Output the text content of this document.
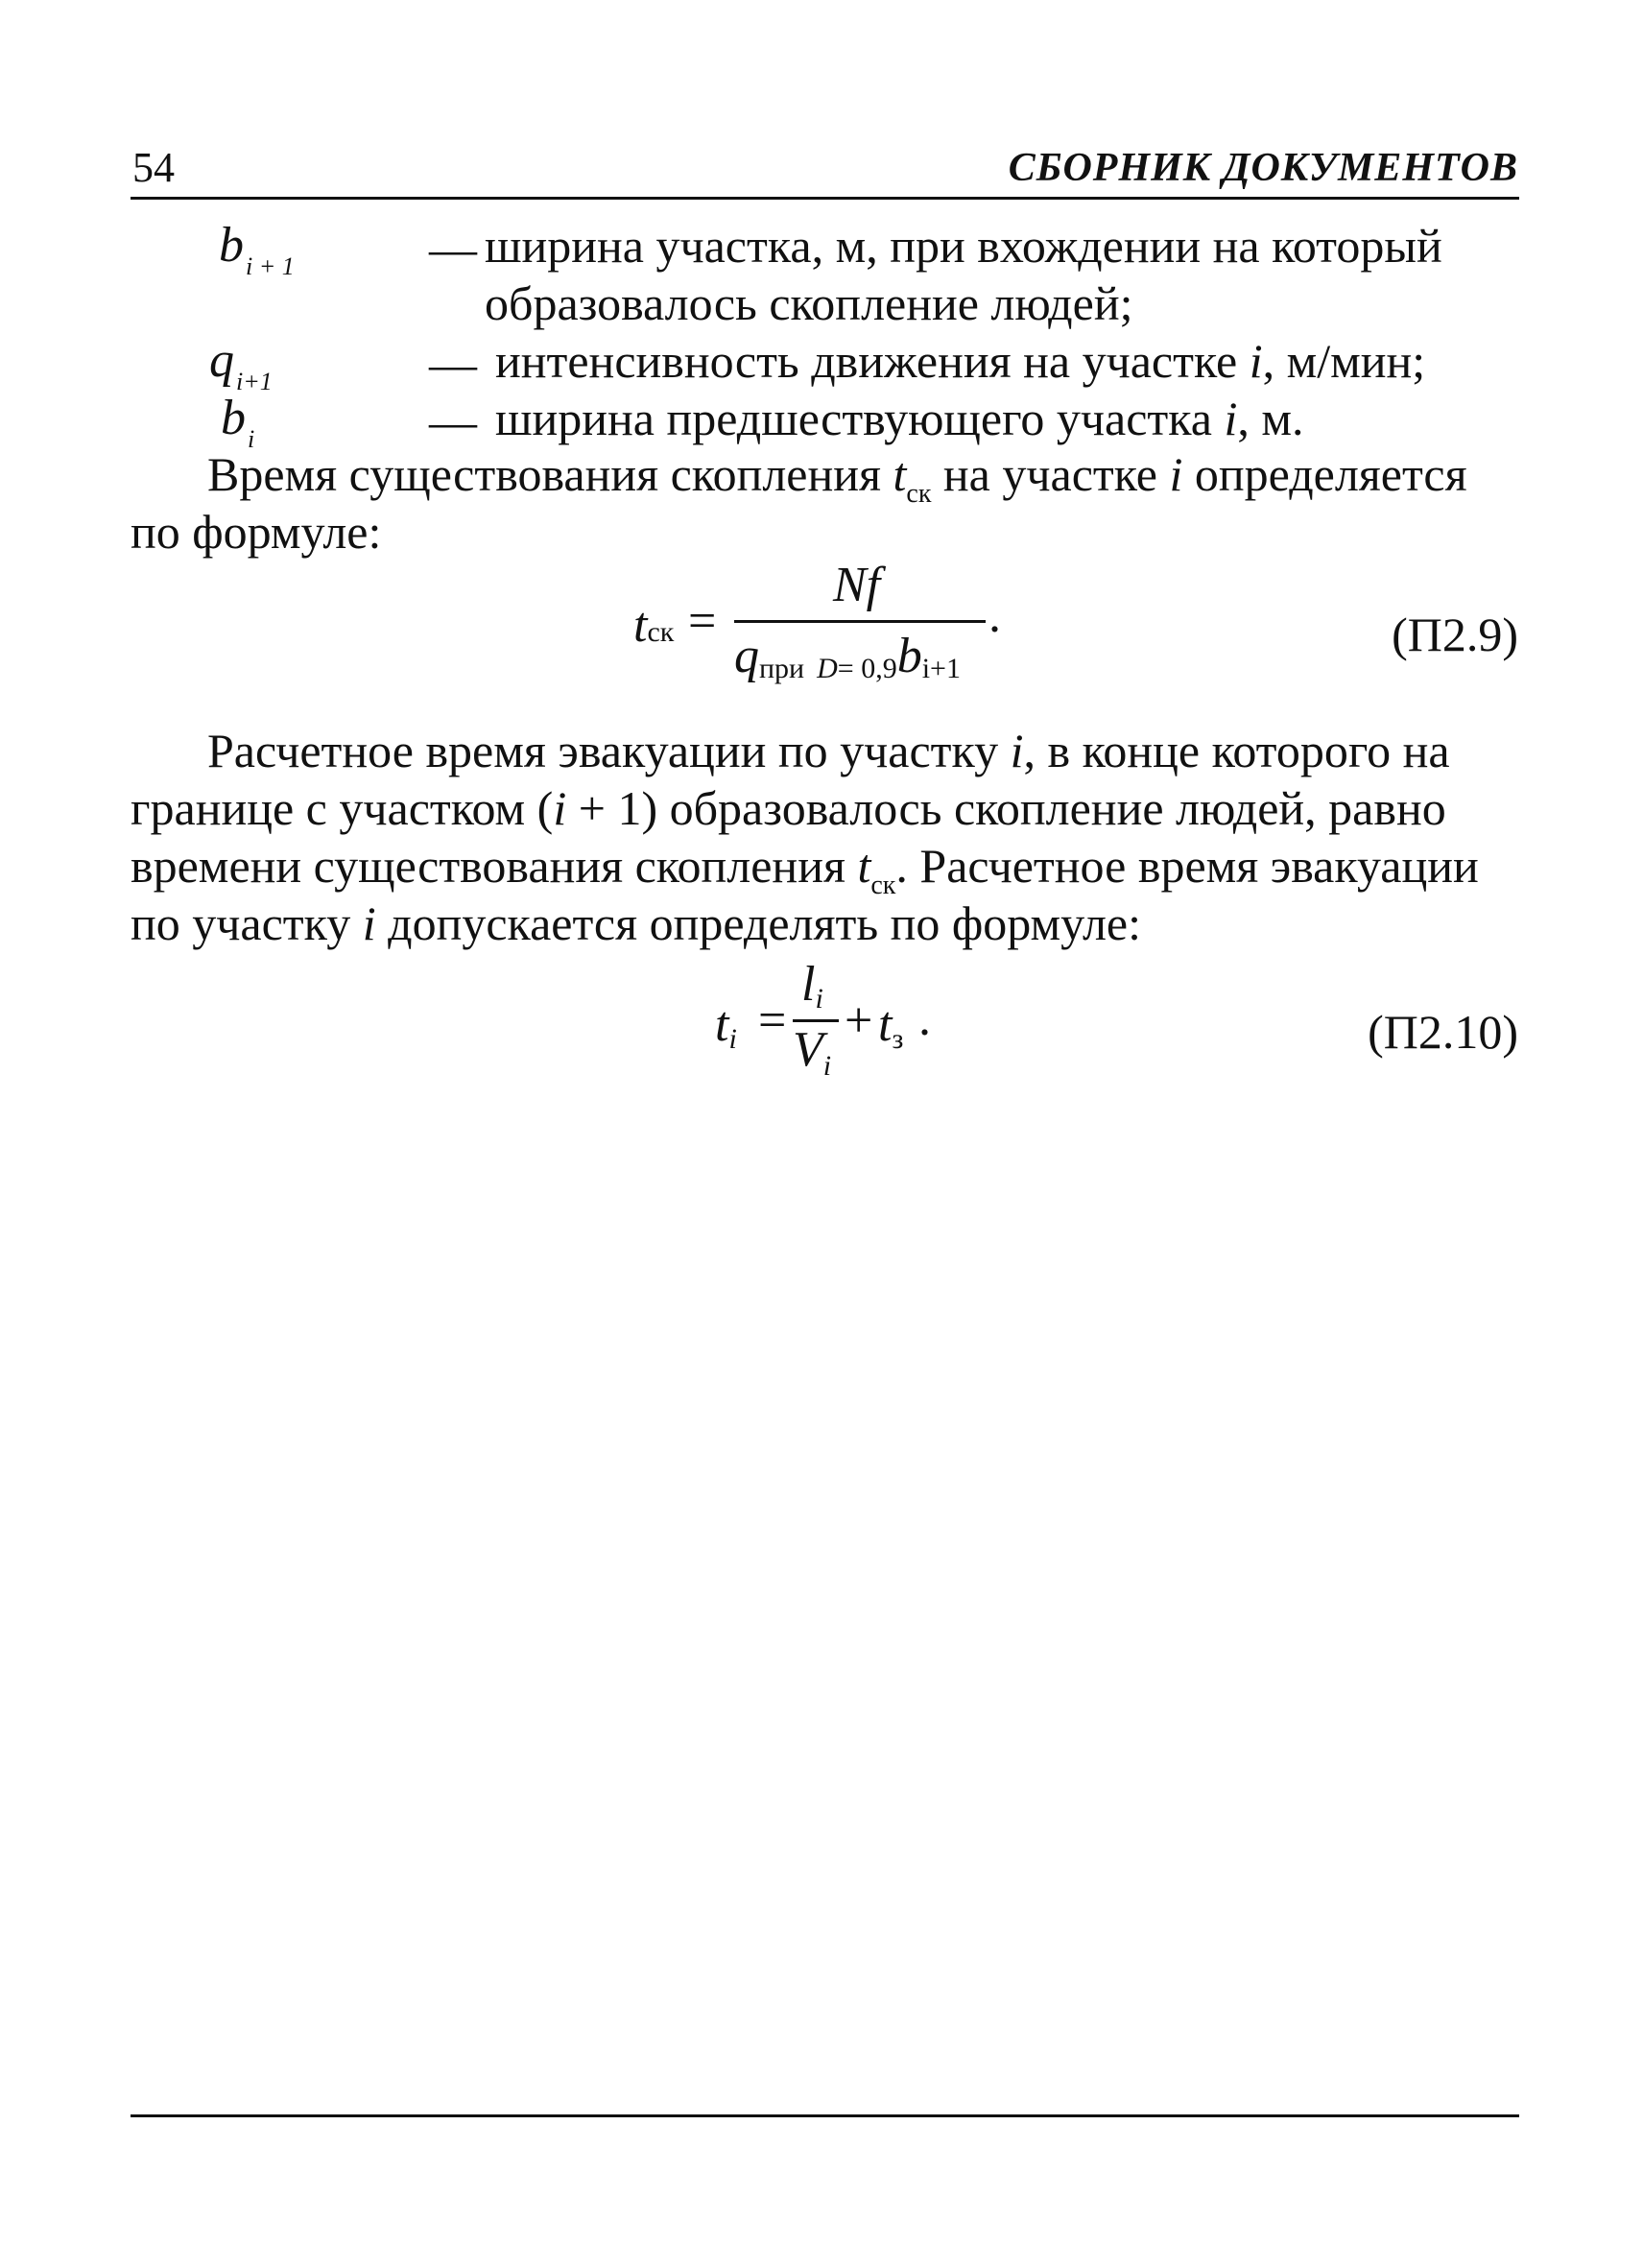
54	СБОРНИК ДОКУМЕНТОВ
$b_{i + 1}$	— ширина участка, м, при вхождении на который
образовалось скопление людей;
$q_{i+1}$	— интенсивность движения на участке i, м/мин;
$b_i$	— ширина предшествующего участка i, м.
Время существования скопления $t_{ск}$ на участке i определяется
по формуле:
tск =
Nf
qпри D= 0,9bi+1
.	(П2.9)
Расчетное время эвакуации по участку i, в конце которого на
границе с участком (i + 1) образовалось скопление людей, равно
времени существования скопления $t_{ск}$. Расчетное время эвакуации
по участку i допускается определять по формуле:
ti =
li
Vi
+ tз .	(П2.10)
